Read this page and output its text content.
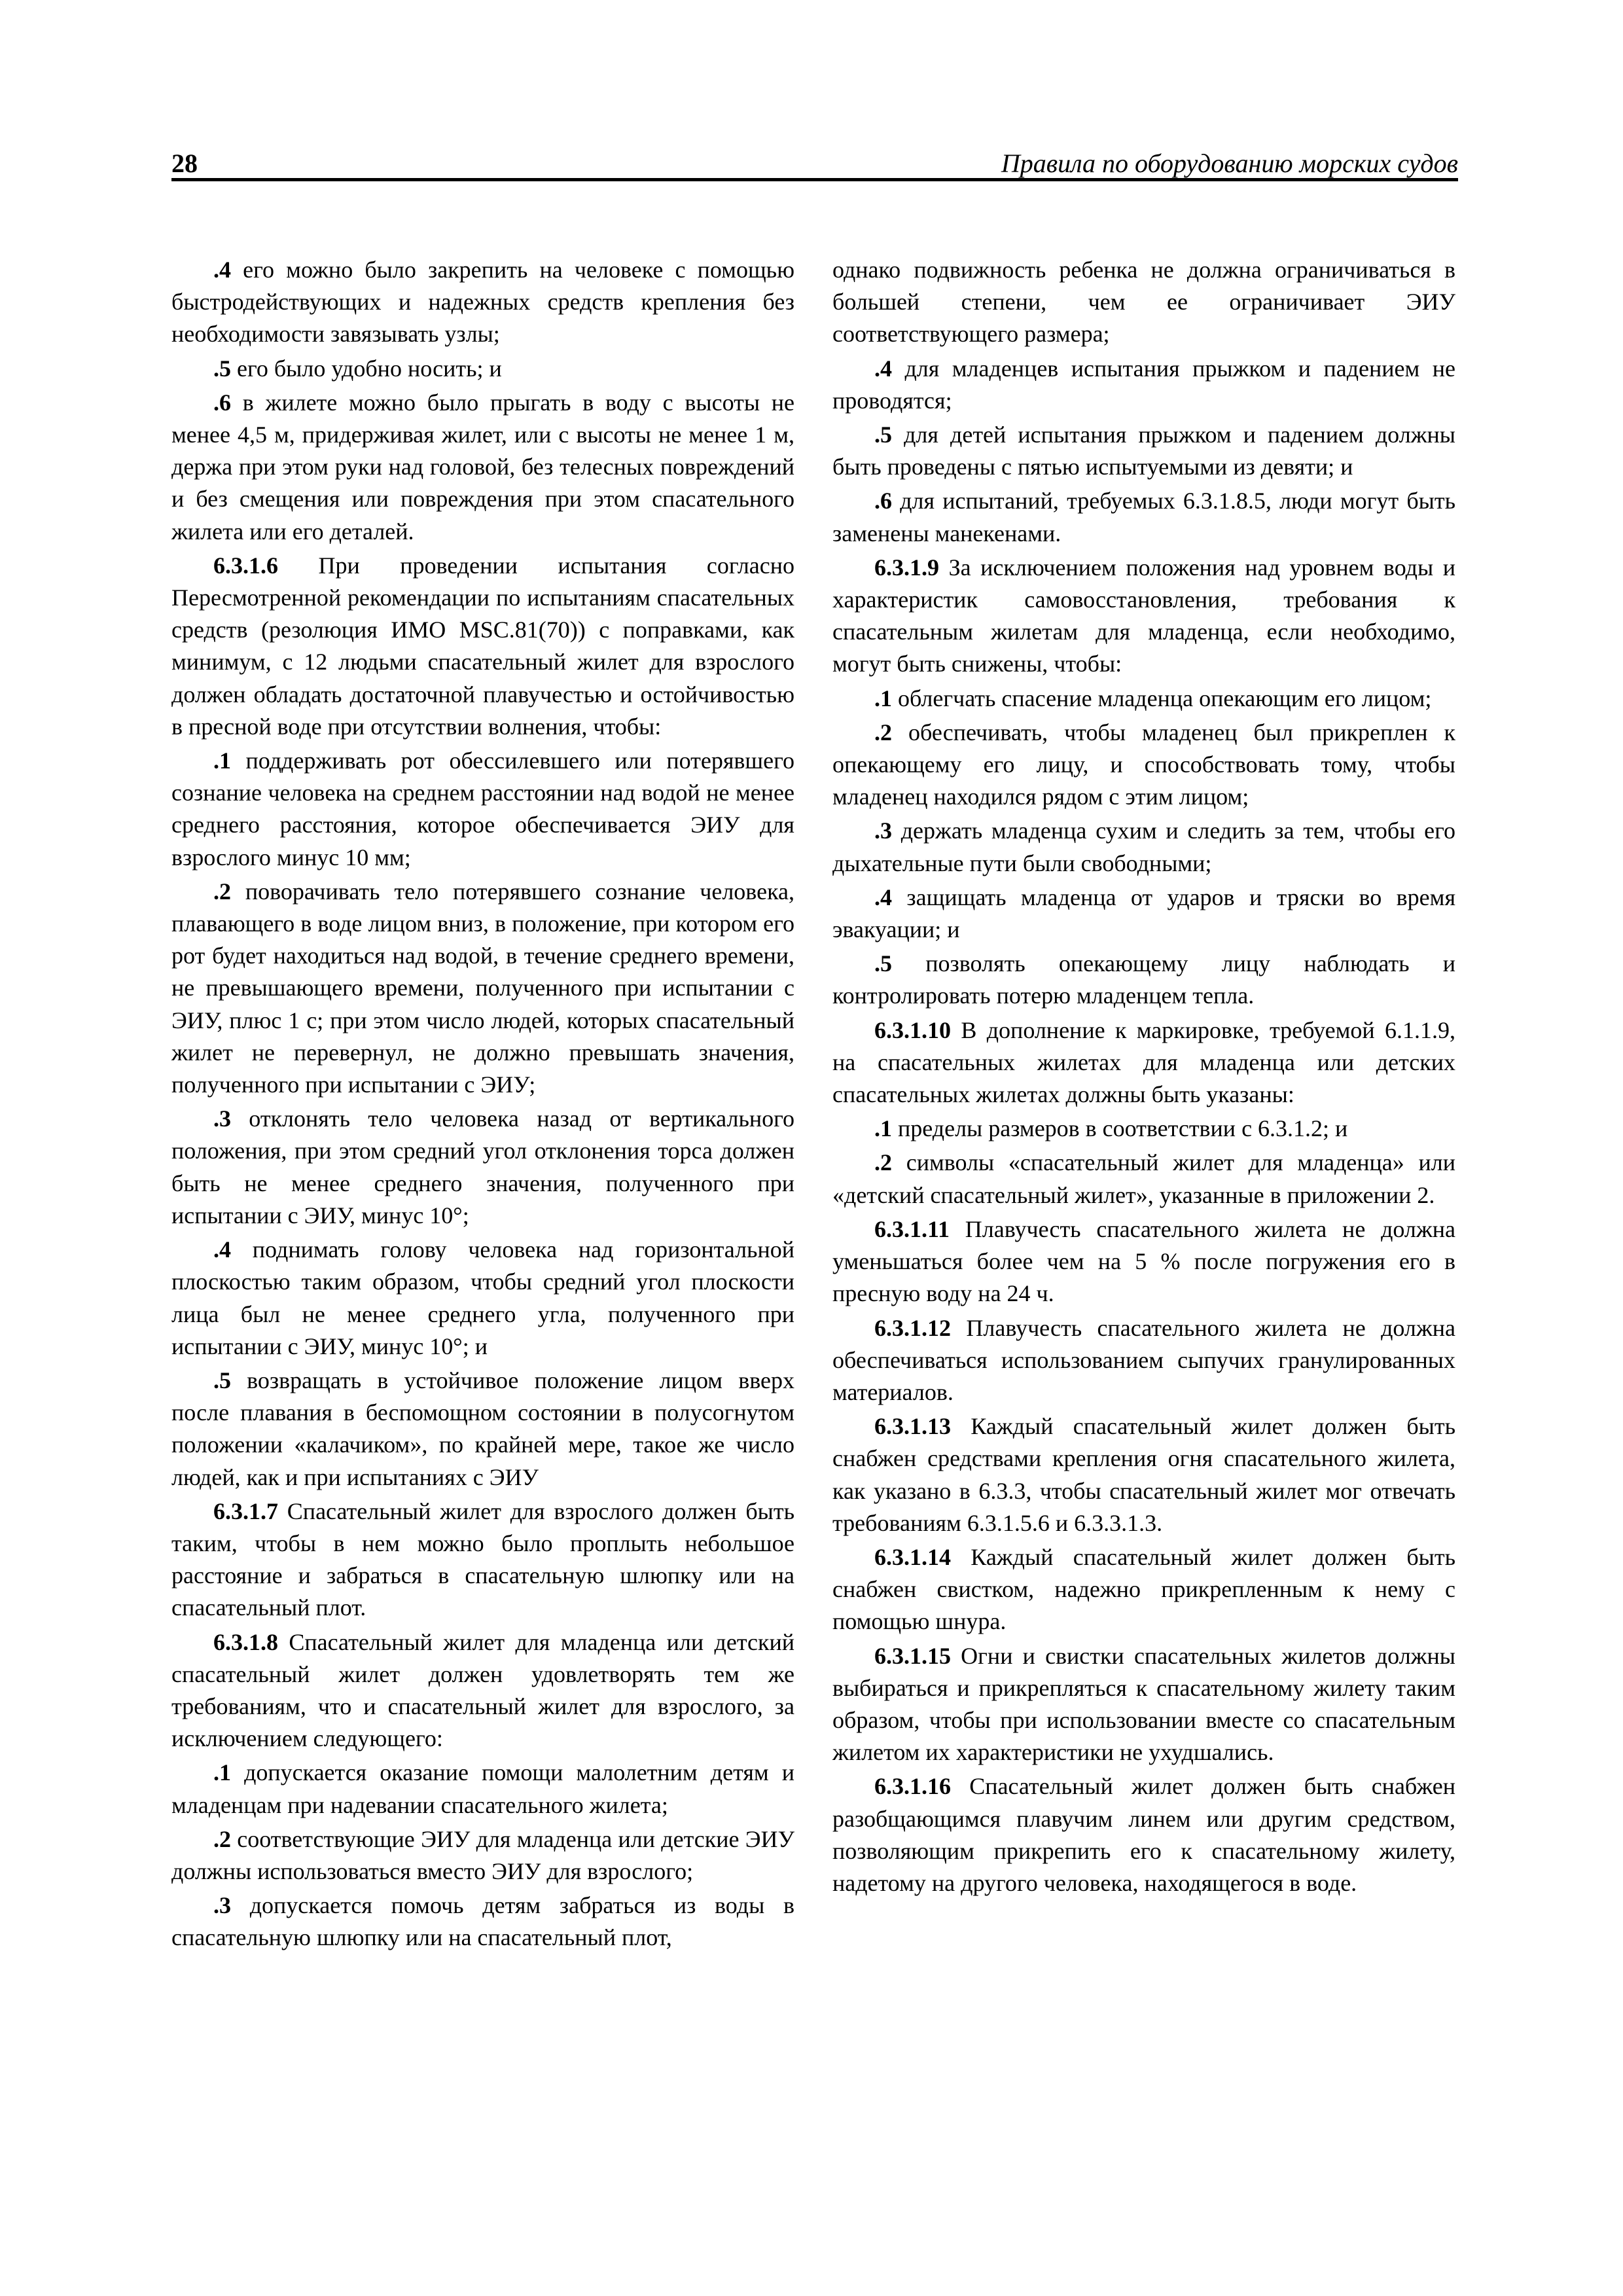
28	Правила по оборудованию морских судов

.4 его можно было закрепить на человеке с помощью быстродействующих и надежных средств крепления без необходимости завязывать узлы;

.5 его было удобно носить; и

.6 в жилете можно было прыгать в воду с высоты не менее 4,5 м, придерживая жилет, или с высоты не менее 1 м, держа при этом руки над головой, без телесных повреждений и без смещения или повреждения при этом спасательного жилета или его деталей.

6.3.1.6 При проведении испытания согласно Пересмотренной рекомендации по испытаниям спасательных средств (резолюция ИМО MSC.81(70)) с поправками, как минимум, с 12 людьми спасательный жилет для взрослого должен обладать достаточной плавучестью и остойчивостью в пресной воде при отсутствии волнения, чтобы:

.1 поддерживать рот обессилевшего или потерявшего сознание человека на среднем расстоянии над водой не менее среднего расстояния, которое обеспечивается ЭИУ для взрослого минус 10 мм;

.2 поворачивать тело потерявшего сознание человека, плавающего в воде лицом вниз, в положение, при котором его рот будет находиться над водой, в течение среднего времени, не превышающего времени, полученного при испытании с ЭИУ, плюс 1 с; при этом число людей, которых спасательный жилет не перевернул, не должно превышать значения, полученного при испытании с ЭИУ;

.3 отклонять тело человека назад от вертикального положения, при этом средний угол отклонения торса должен быть не менее среднего значения, полученного при испытании с ЭИУ, минус 10°;

.4 поднимать голову человека над горизонтальной плоскостью таким образом, чтобы средний угол плоскости лица был не менее среднего угла, полученного при испытании с ЭИУ, минус 10°; и

.5 возвращать в устойчивое положение лицом вверх после плавания в беспомощном состоянии в полусогнутом положении «калачиком», по крайней мере, такое же число людей, как и при испытаниях с ЭИУ

6.3.1.7 Спасательный жилет для взрослого должен быть таким, чтобы в нем можно было проплыть небольшое расстояние и забраться в спасательную шлюпку или на спасательный плот.

6.3.1.8 Спасательный жилет для младенца или детский спасательный жилет должен удовлетворять тем же требованиям, что и спасательный жилет для взрослого, за исключением следующего:

.1 допускается оказание помощи малолетним детям и младенцам при надевании спасательного жилета;

.2 соответствующие ЭИУ для младенца или детские ЭИУ должны использоваться вместо ЭИУ для взрослого;

.3 допускается помочь детям забраться из воды в спасательную шлюпку или на спасательный плот,

однако подвижность ребенка не должна ограничиваться в большей степени, чем ее ограничивает ЭИУ соответствующего размера;

.4 для младенцев испытания прыжком и падением не проводятся;

.5 для детей испытания прыжком и падением должны быть проведены с пятью испытуемыми из девяти; и

.6 для испытаний, требуемых 6.3.1.8.5, люди могут быть заменены манекенами.

6.3.1.9 За исключением положения над уровнем воды и характеристик самовосстановления, требования к спасательным жилетам для младенца, если необходимо, могут быть снижены, чтобы:

.1 облегчать спасение младенца опекающим его лицом;

.2 обеспечивать, чтобы младенец был прикреплен к опекающему его лицу, и способствовать тому, чтобы младенец находился рядом с этим лицом;

.3 держать младенца сухим и следить за тем, чтобы его дыхательные пути были свободными;

.4 защищать младенца от ударов и тряски во время эвакуации; и

.5 позволять опекающему лицу наблюдать и контролировать потерю младенцем тепла.

6.3.1.10 В дополнение к маркировке, требуемой 6.1.1.9, на спасательных жилетах для младенца или детских спасательных жилетах должны быть указаны:

.1 пределы размеров в соответствии с 6.3.1.2; и

.2 символы «спасательный жилет для младенца» или «детский спасательный жилет», указанные в приложении 2.

6.3.1.11 Плавучесть спасательного жилета не должна уменьшаться более чем на 5 % после погружения его в пресную воду на 24 ч.

6.3.1.12 Плавучесть спасательного жилета не должна обеспечиваться использованием сыпучих гранулированных материалов.

6.3.1.13 Каждый спасательный жилет должен быть снабжен средствами крепления огня спасательного жилета, как указано в 6.3.3, чтобы спасательный жилет мог отвечать требованиям 6.3.1.5.6 и 6.3.3.1.3.

6.3.1.14 Каждый спасательный жилет должен быть снабжен свистком, надежно прикрепленным к нему с помощью шнура.

6.3.1.15 Огни и свистки спасательных жилетов должны выбираться и прикрепляться к спасательному жилету таким образом, чтобы при использовании вместе со спасательным жилетом их характеристики не ухудшались.

6.3.1.16 Спасательный жилет должен быть снабжен разобщающимся плавучим линем или другим средством, позволяющим прикрепить его к спасательному жилету, надетому на другого человека, находящегося в воде.
